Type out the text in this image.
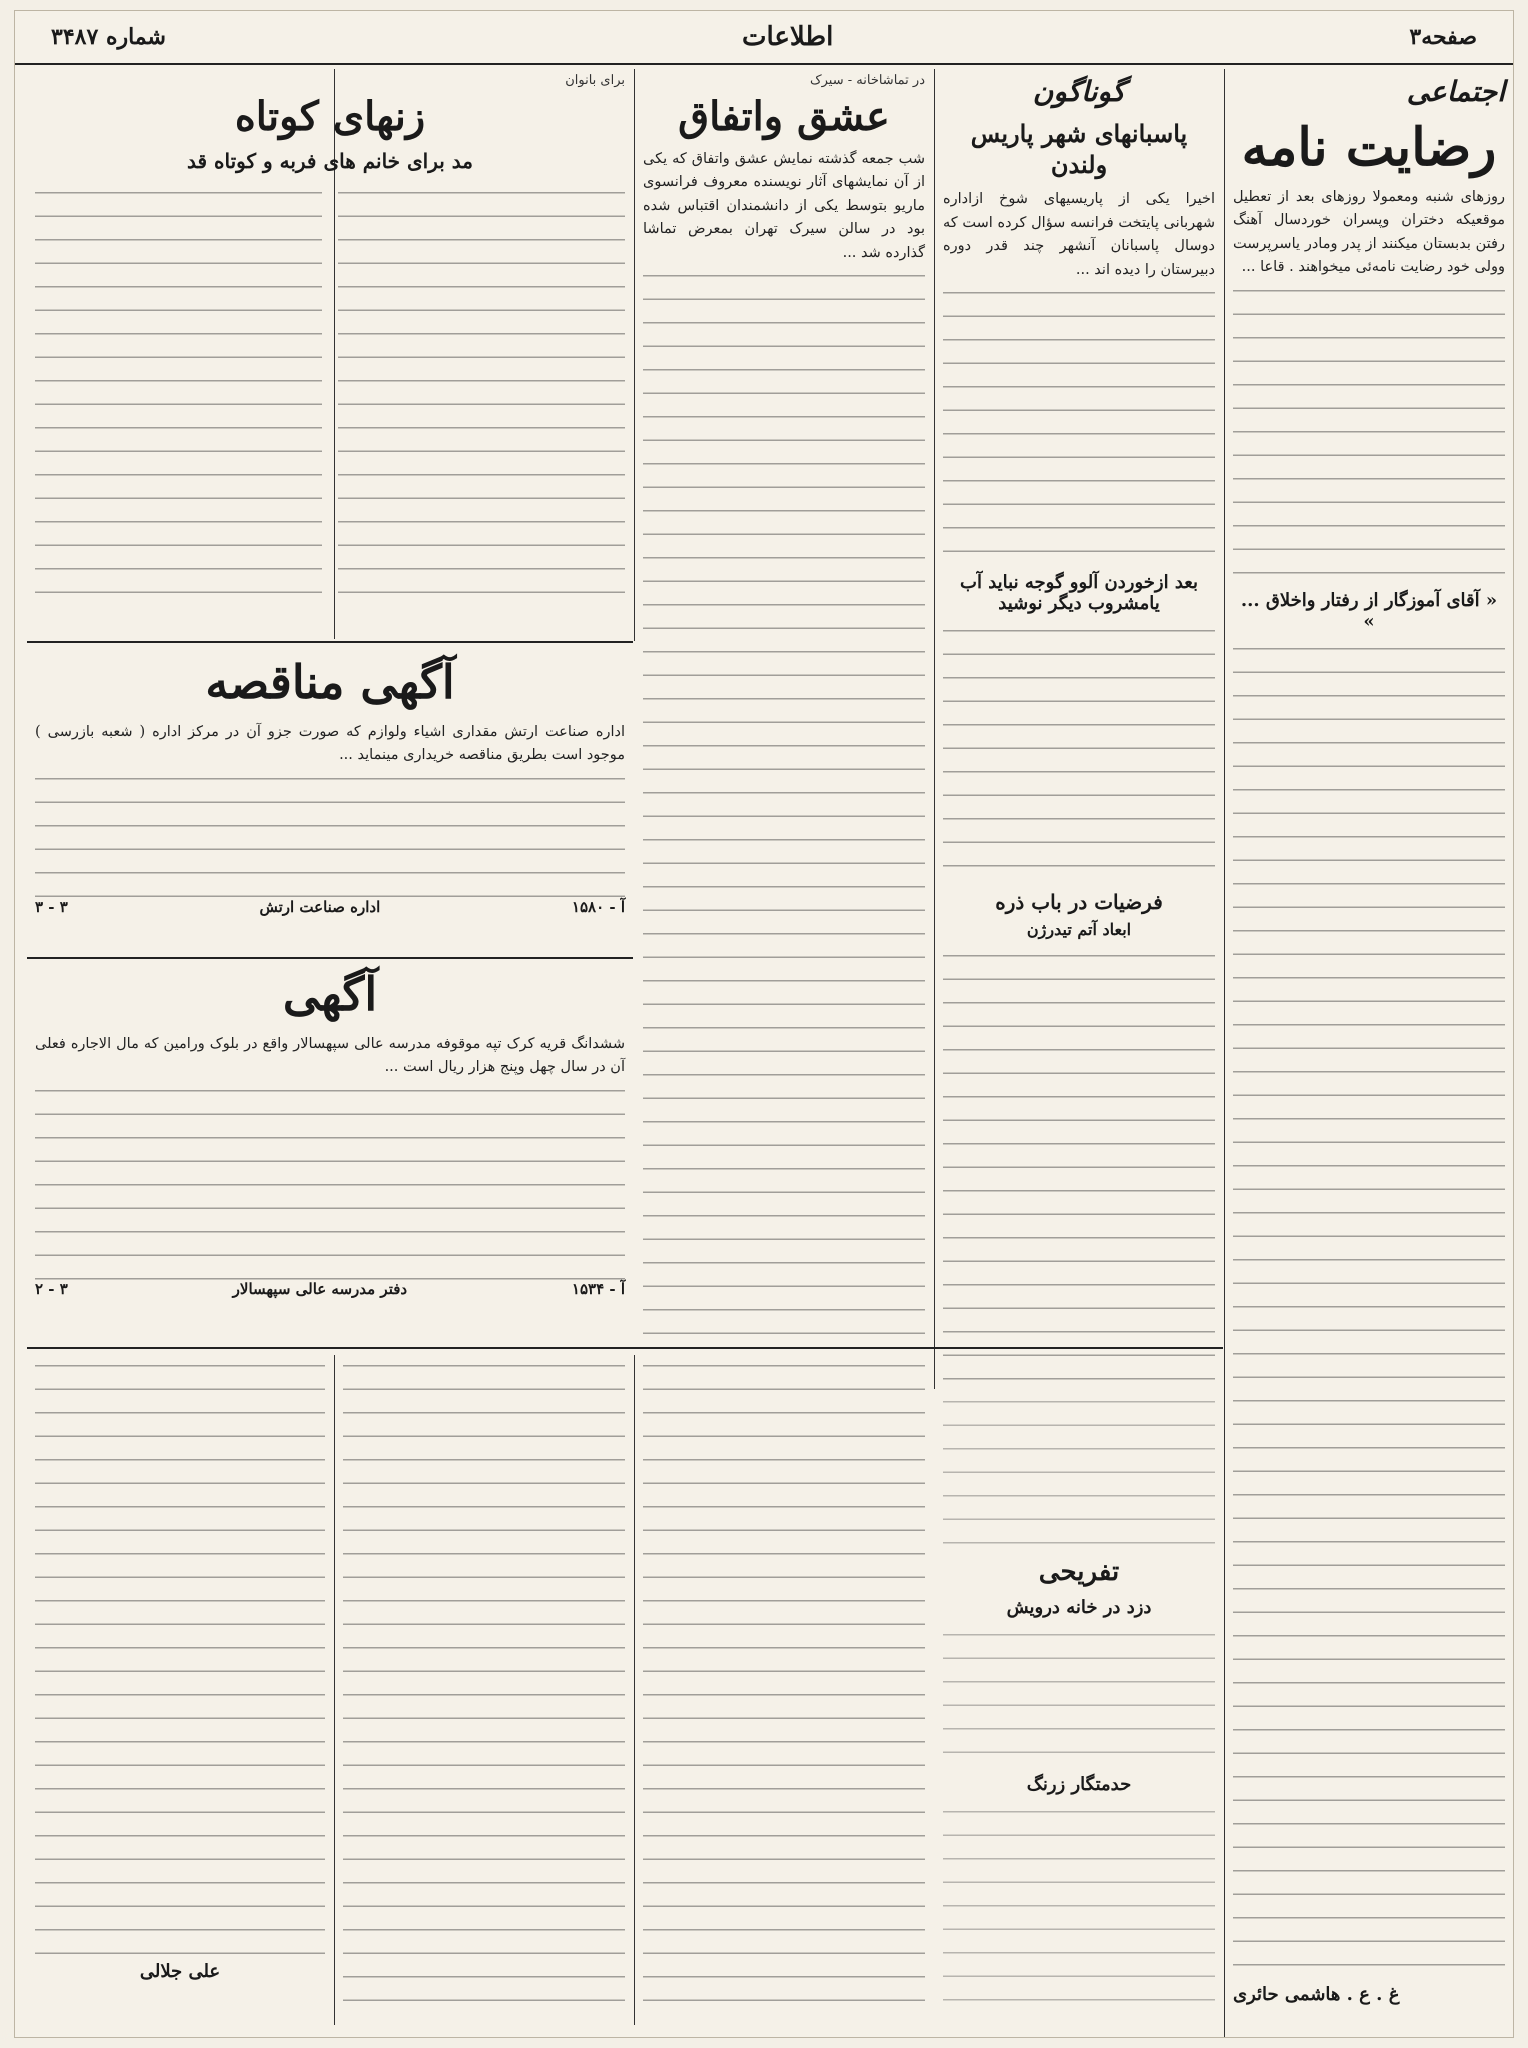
صفحه۳
اطلاعات
شماره ۳۴۸۷
اجتماعی
رضایت نامه
روزهای شنبه ومعمولا روزهای بعد از تعطیل موقعیکه دختران وپسران خوردسال آهنگ رفتن بدبستان میکنند از پدر ومادر یاسرپرست وولی خود رضایت نامه‌ئی میخواهند . قاعا ...
« آقای آموزگار از رفتار واخلاق ... »
غ . ع . هاشمی حائری
گوناگون
پاسبانهای شهر پاریس ولندن
اخیرا یکی از پاریسیهای شوخ ازاداره شهربانی پایتخت فرانسه سؤال کرده است که دوسال پاسبانان آنشهر چند قدر دوره دبیرستان را دیده اند ...
بعد ازخوردن آلوو گوجه نباید آب یامشروب دیگر نوشید
فرضیات در باب ذره
ابعاد آتم تیدرژن
تفریحی
دزد در خانه درویش
حدمتگار زرنگ
در تماشاخانه - سیرک
عشق واتفاق
شب جمعه گذشته نمایش عشق واتفاق که یکی از آن نمایشهای آثار نویسنده معروف فرانسوی ماریو بتوسط یکی از دانشمندان اقتباس شده بود در سالن سیرک تهران بمعرض تماشا گذارده شد ...
برای بانوان
زنهای کوتاه
مد برای خانم های فربه و کوتاه قد
آگهی مناقصه
اداره صناعت ارتش مقداری اشیاء ولوازم که صورت جزو آن در مرکز اداره ( شعبه بازرسی ) موجود است بطریق مناقصه خریداری مینماید ...
آ - ۱۵۸۰
اداره صناعت ارتش
۳ - ۳
آگهی
ششدانگ قریه کرک تپه موقوفه مدرسه عالی سپهسالار واقع در بلوک ورامین که مال الاجاره فعلی آن در سال چهل وپنج هزار ریال است ...
آ - ۱۵۳۴
دفتر مدرسه عالی سپهسالار
۳ - ۲
علی جلالی
